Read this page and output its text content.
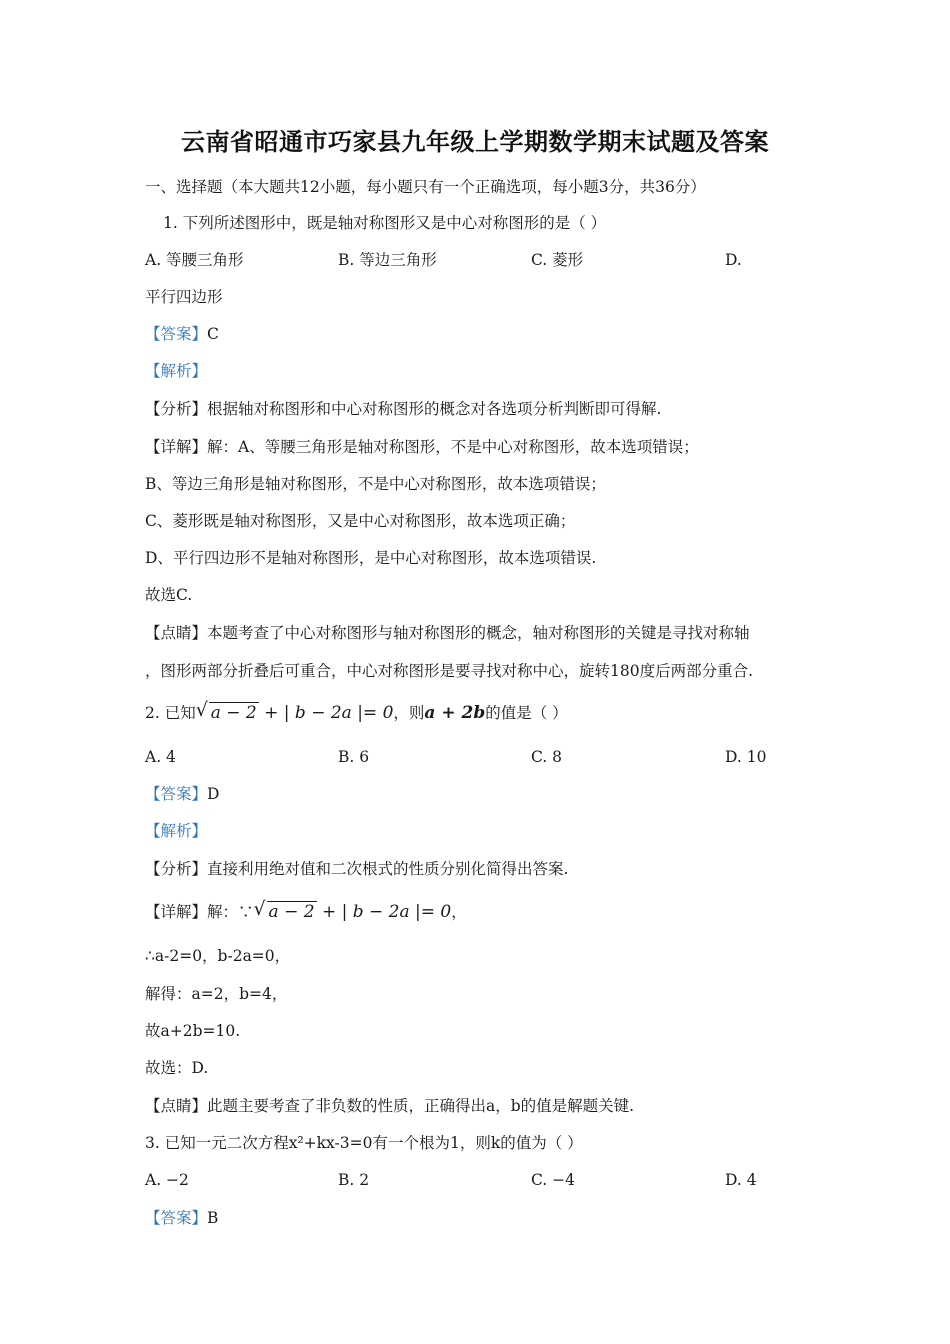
云南省昭通市巧家县九年级上学期数学期末试题及答案
一、选择题（本大题共12小题，每小题只有一个正确选项，每小题3分，共36分）
1. 下列所述图形中，既是轴对称图形又是中心对称图形的是（ ）
A. 等腰三角形	B. 等边三角形	C. 菱形	D.
平行四边形
【答案】C
【解析】
【分析】根据轴对称图形和中心对称图形的概念对各选项分析判断即可得解.
【详解】解：A、等腰三角形是轴对称图形，不是中心对称图形，故本选项错误；
B、等边三角形是轴对称图形，不是中心对称图形，故本选项错误；
C、菱形既是轴对称图形，又是中心对称图形，故本选项正确；
D、平行四边形不是轴对称图形，是中心对称图形，故本选项错误.
故选C.
【点睛】本题考查了中心对称图形与轴对称图形的概念，轴对称图形的关键是寻找对称轴
，图形两部分折叠后可重合，中心对称图形是要寻找对称中心，旋转180度后两部分重合.
2. 已知 √ a − 2 + | b − 2a |= 0，则a + 2b的值是（ ）
A. 4	B. 6	C. 8	D. 10
【答案】D
【解析】
【分析】直接利用绝对值和二次根式的性质分别化简得出答案.
【详解】解：∵ √ a − 2 + | b − 2a |= 0，
∴a-2=0，b-2a=0，
解得：a=2，b=4，
故a+2b=10.
故选：D.
【点睛】此题主要考查了非负数的性质，正确得出a，b的值是解题关键.
3. 已知一元二次方程x²+kx-3=0有一个根为1，则k的值为（ ）
A. −2	B. 2	C. −4	D. 4
【答案】B
